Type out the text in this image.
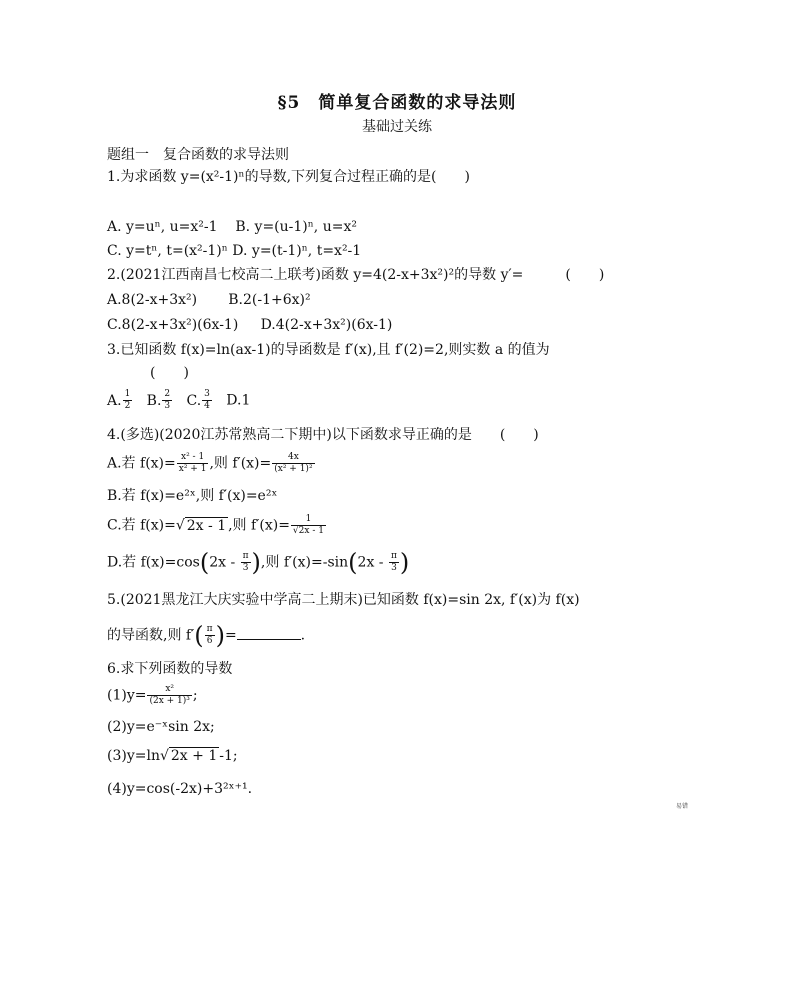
§5　简单复合函数的求导法则
基础过关练
题组一　复合函数的求导法则
1.为求函数 y=(x²-1)ⁿ的导数,下列复合过程正确的是(　　)
A. y=uⁿ, u=x²-1 B. y=(u-1)ⁿ, u=x²
C. y=tⁿ, t=(x²-1)ⁿ D. y=(t-1)ⁿ, t=x²-1
2.(2021江西南昌七校高二上联考)函数 y=4(2-x+3x²)²的导数 y′=　　　(　　)
A.8(2-x+3x²) B.2(-1+6x)²
C.8(2-x+3x²)(6x-1) D.4(2-x+3x²)(6x-1)
3.已知函数 f(x)=ln(ax-1)的导函数是 f′(x),且 f′(2)=2,则实数 a 的值为
(　　)
A. $\frac{1}{2} B$. $\frac{2}{3} C$. $\frac{3}{4} D.1$
4.(多选)(2020江苏常熟高二下期中)以下函数求导正确的是　　(　　)
A.若 $f(x)= \frac{\text{x² - 1}}{\text{x² + 1}}$ ,则 $f'(x)= \frac{4x}{\text{(x² + 1)²}}$
B.若 f(x)=e²ˣ,则 f′(x)=e²ˣ
C.若 f(x)=√ 2x - 1 ,则 $f'(x)= \frac{1}{√2x - 1}$
D.若 $f(x)=\cos(2x - \frac{\pi}{3}$ ),则 $f'(x)=-\sin(2x - \frac{\pi}{3}$ )
5.(2021黑龙江大庆实验中学高二上期末)已知函数 f(x)=sin 2x, f′(x)为 f(x)
的导函数,则 $f'( \frac{\pi}{6}$ )=	.
6.求下列函数的导数
$(1)y= \frac{\text{x²}}{\text{(2x + 1)³}}$ ;
(2)y=e⁻ˣsin 2x;
(3)y=ln√ 2x + 1 -1;
(4)y=cos(-2x)+3²ˣ⁺¹.
易错
